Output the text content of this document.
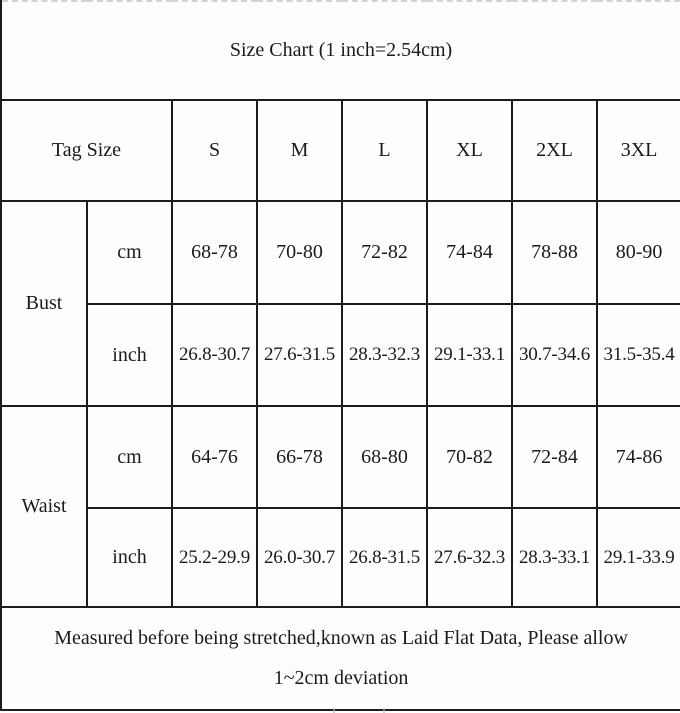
Size Chart (1 inch=2.54cm)							
Tag Size		S	M	L	XL	2XL	3XL
Bust	cm	68-78	70-80	72-82	74-84	78-88	80-90
	inch	26.8-30.7	27.6-31.5	28.3-32.3	29.1-33.1	30.7-34.6	31.5-35.4
Waist	cm	64-76	66-78	68-80	70-82	72-84	74-86
	inch	25.2-29.9	26.0-30.7	26.8-31.5	27.6-32.3	28.3-33.1	29.1-33.9

Measured before being stretched,known as Laid Flat Data, Please allow
1~2cm deviation							
